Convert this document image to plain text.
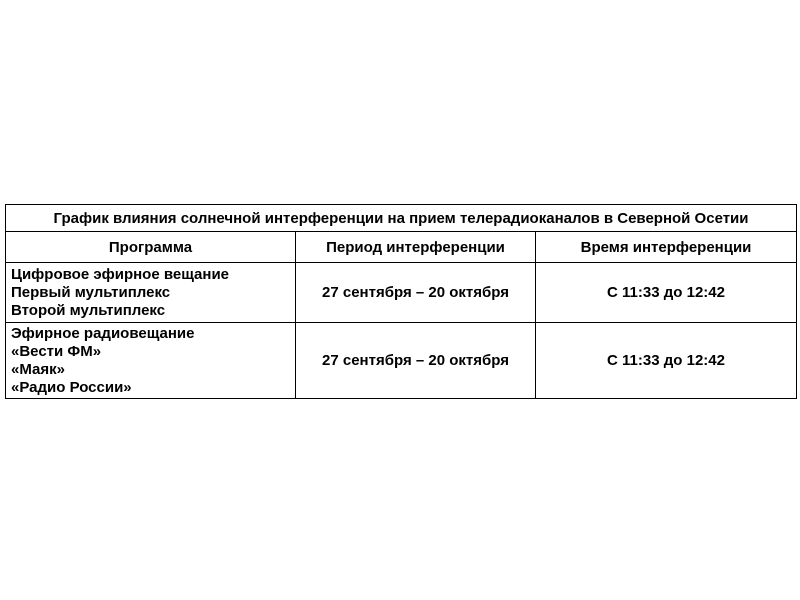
График влияния солнечной интерференции на прием телерадиоканалов в Северной Осетии		
Программа	Период интерференции	Время интерференции

Цифровое эфирное вещание
Первый мультиплекс
Второй мультиплекс	27 сентября – 20 октября	С 11:33 до 12:42

Эфирное радиовещание
«Вести ФМ»
«Маяк»
«Радио России»	27 сентября – 20 октября	С 11:33 до 12:42
